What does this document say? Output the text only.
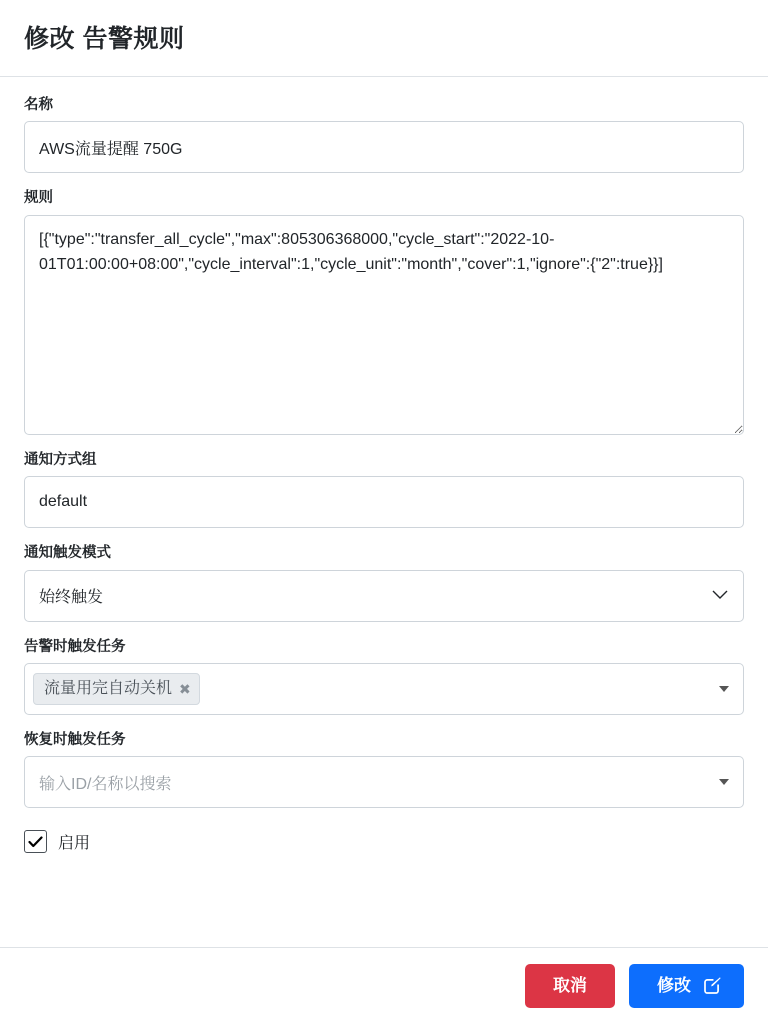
修改 告警规则
名称
AWS流量提醒 750G
规则
[{"type":"transfer_all_cycle","max":805306368000,"cycle_start":"2022-10-01T01:00:00+08:00","cycle_interval":1,"cycle_unit":"month","cover":1,"ignore":{"2":true}}]
通知方式组
default
通知触发模式
始终触发
告警时触发任务
流量用完自动关机 ✖
恢复时触发任务
输入ID/名称以搜索
启用
取消	修改
